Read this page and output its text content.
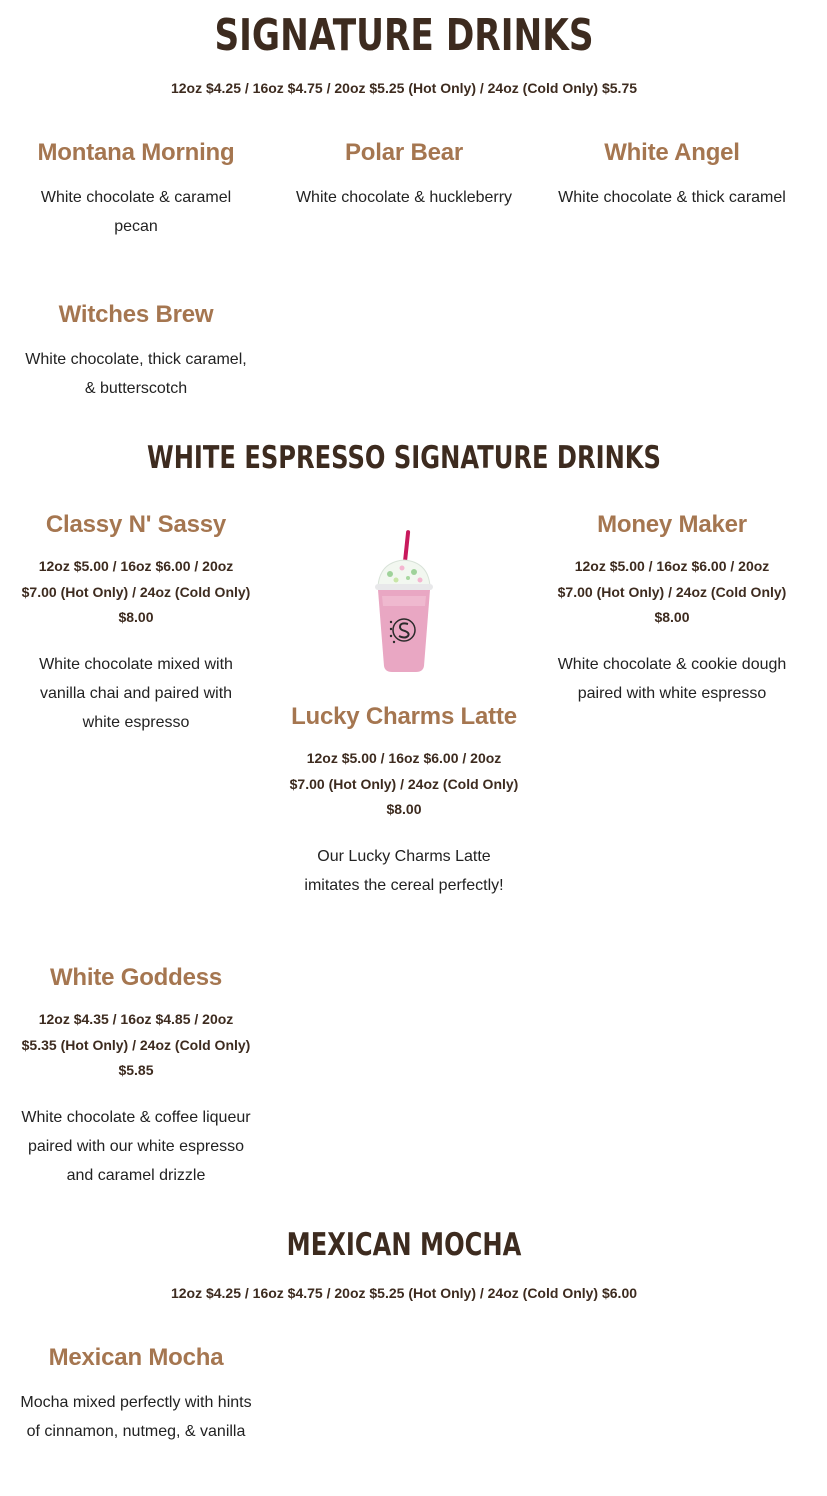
SIGNATURE DRINKS
12oz $4.25 / 16oz $4.75 / 20oz $5.25 (Hot Only) / 24oz (Cold Only) $5.75
Montana Morning
White chocolate & caramel pecan
Polar Bear
White chocolate & huckleberry
White Angel
White chocolate & thick caramel
Witches Brew
White chocolate, thick caramel, & butterscotch
WHITE ESPRESSO SIGNATURE DRINKS
Classy N' Sassy
12oz $5.00 / 16oz $6.00 / 20oz $7.00 (Hot Only) / 24oz (Cold Only) $8.00
White chocolate mixed with vanilla chai and paired with white espresso	Lucky Charms Latte
12oz $5.00 / 16oz $6.00 / 20oz $7.00 (Hot Only) / 24oz (Cold Only) $8.00
Our Lucky Charms Latte imitates the cereal perfectly!
Money Maker
12oz $5.00 / 16oz $6.00 / 20oz $7.00 (Hot Only) / 24oz (Cold Only) $8.00
White chocolate & cookie dough paired with white espresso
White Goddess
12oz $4.35 / 16oz $4.85 / 20oz $5.35 (Hot Only) / 24oz (Cold Only) $5.85
White chocolate & coffee liqueur paired with our white espresso and caramel drizzle
MEXICAN MOCHA
12oz $4.25 / 16oz $4.75 / 20oz $5.25 (Hot Only) / 24oz (Cold Only) $6.00
Mexican Mocha
Mocha mixed perfectly with hints of cinnamon, nutmeg, & vanilla
